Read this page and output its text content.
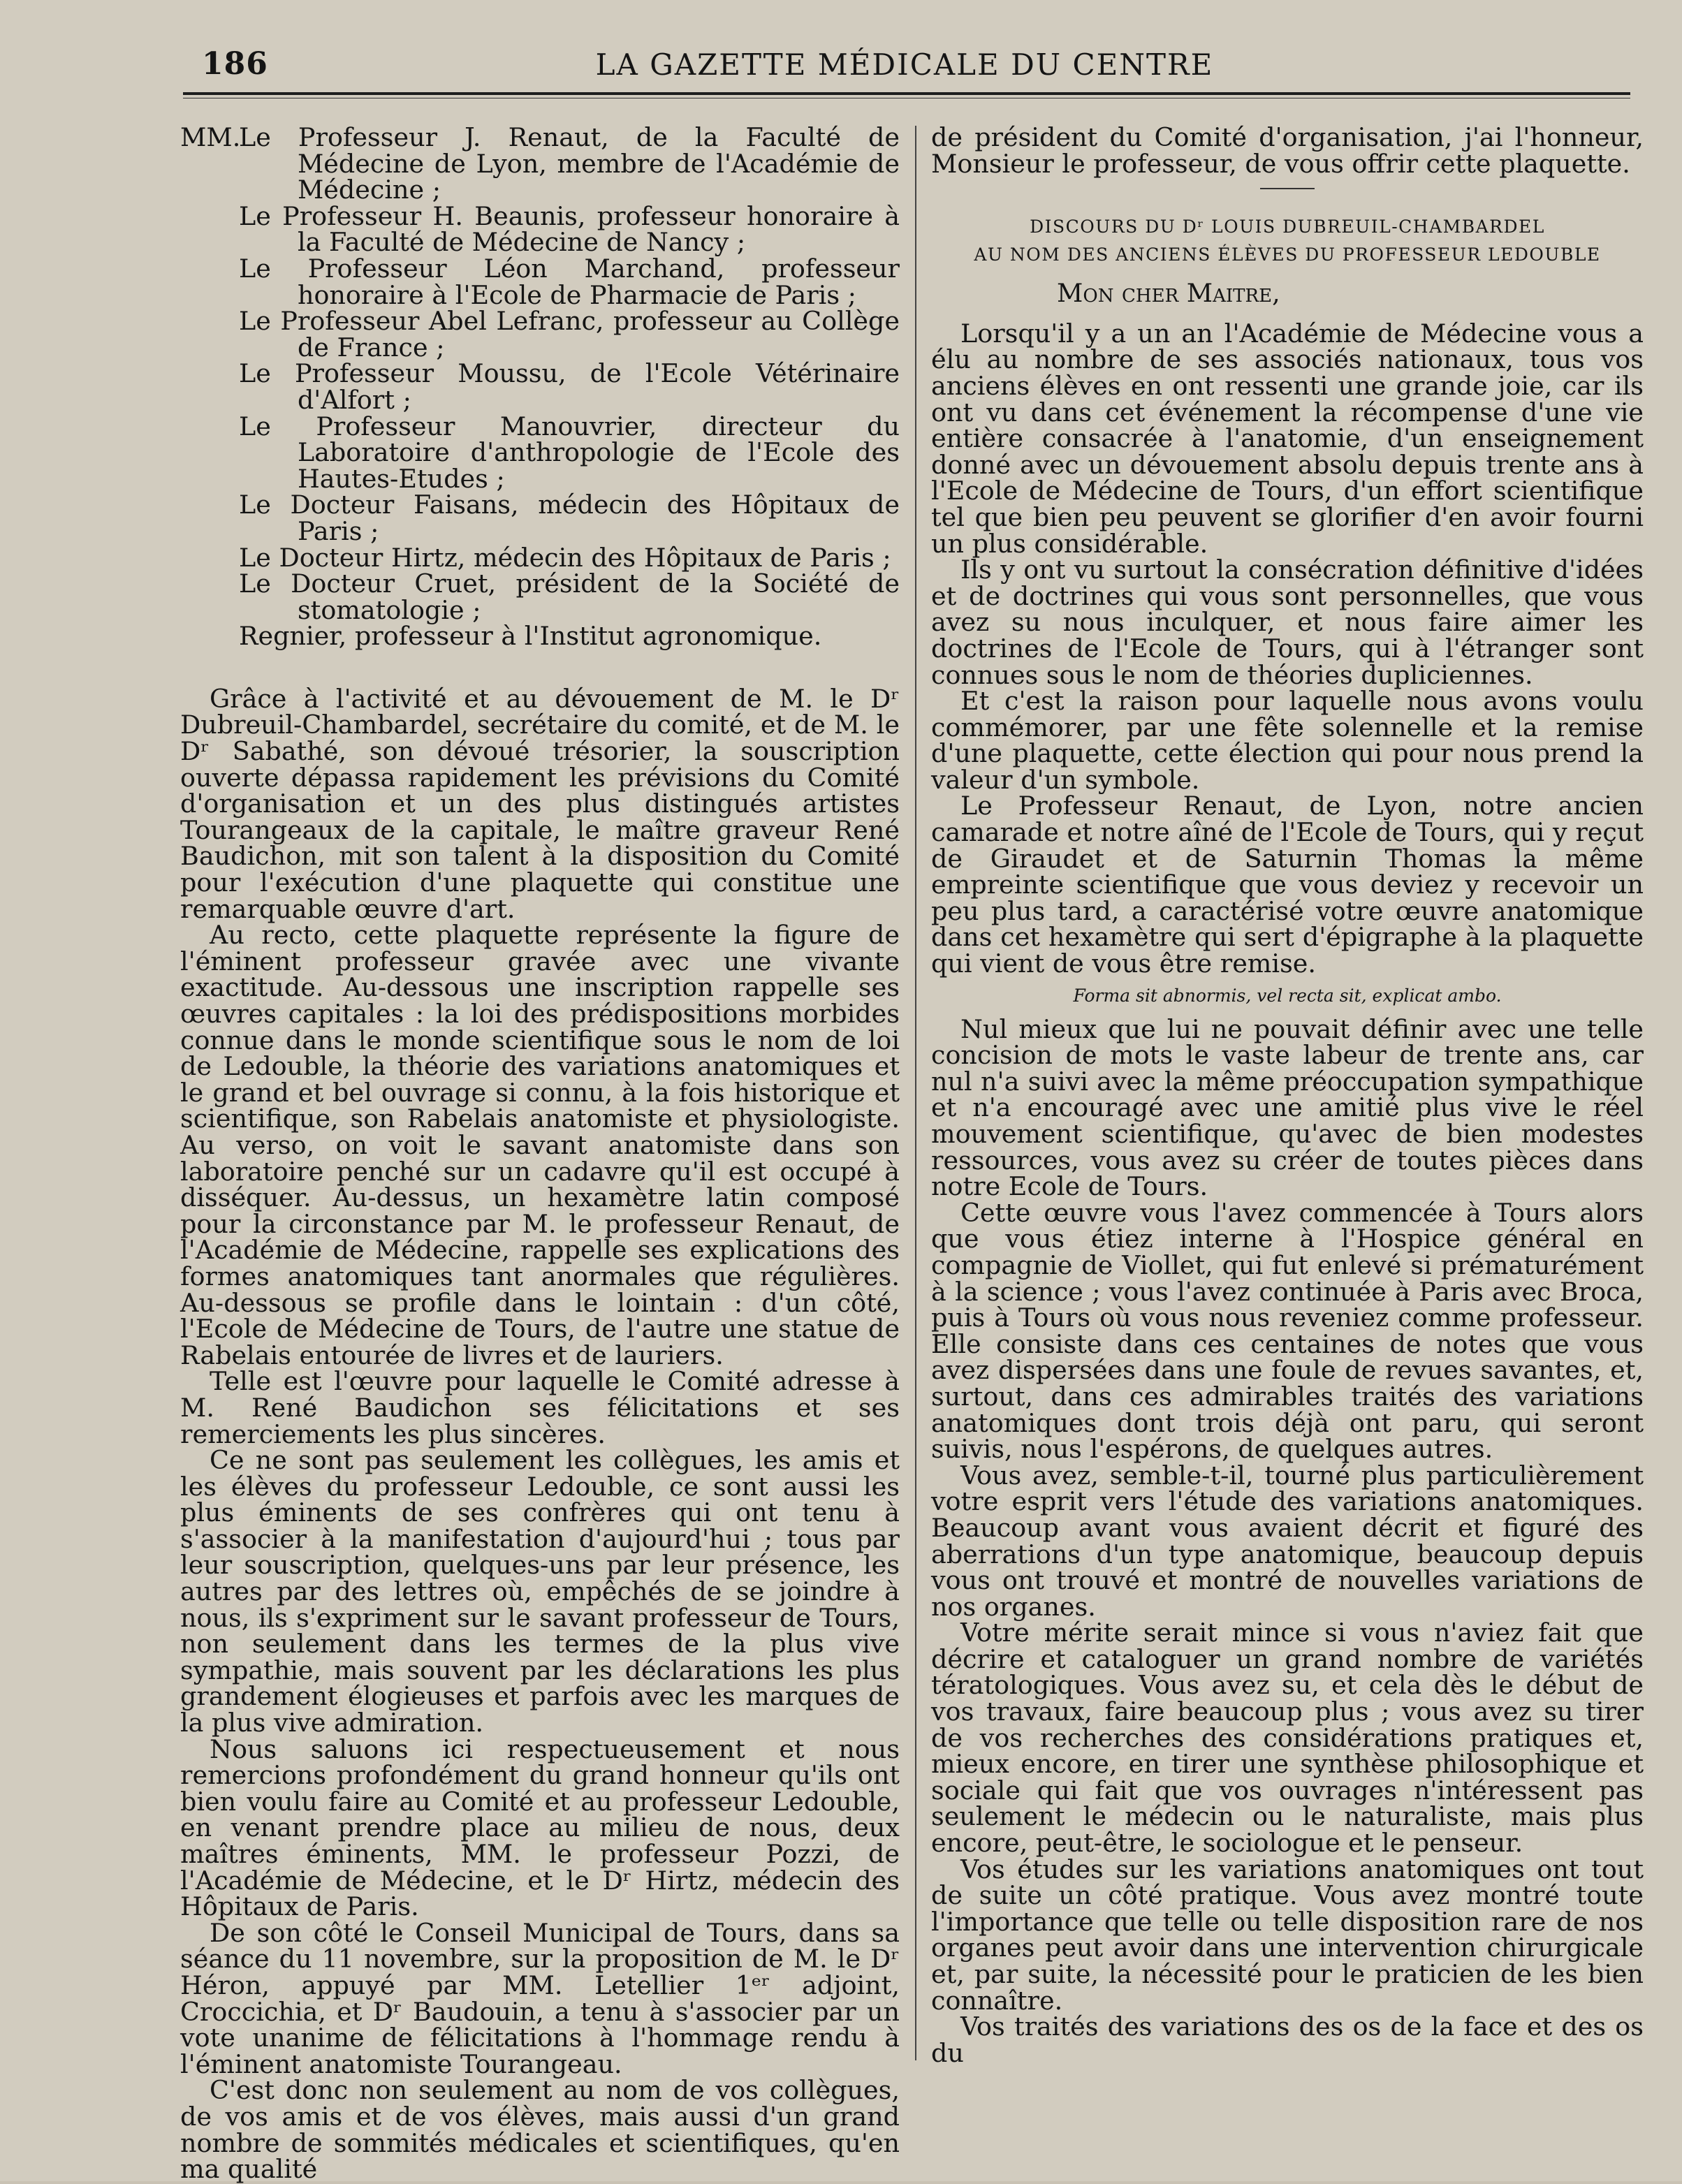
186	LA GAZETTE MÉDICALE DU CENTRE
MM.
Le Professeur J. Renaut, de la Faculté de Médecine de Lyon, membre de l'Académie de Médecine ;
Le Professeur H. Beaunis, professeur honoraire à la Faculté de Médecine de Nancy ;
Le Professeur Léon Marchand, professeur honoraire à l'Ecole de Pharmacie de Paris ;
Le Professeur Abel Lefranc, professeur au Collège de France ;
Le Professeur Moussu, de l'Ecole Vétérinaire d'Alfort ;
Le Professeur Manouvrier, directeur du Laboratoire d'anthropologie de l'Ecole des Hautes-Etudes ;
Le Docteur Faisans, médecin des Hôpitaux de Paris ;
Le Docteur Hirtz, médecin des Hôpitaux de Paris ;
Le Docteur Cruet, président de la Société de stomatologie ;
Regnier, professeur à l'Institut agronomique.

Grâce à l'activité et au dévouement de M. le Dʳ Dubreuil-Chambardel, secrétaire du comité, et de M. le Dʳ Sabathé, son dévoué trésorier, la souscription ouverte dépassa rapidement les prévisions du Comité d'organisation et un des plus distingués artistes Tourangeaux de la capitale, le maître graveur René Baudichon, mit son talent à la disposition du Comité pour l'exécution d'une plaquette qui constitue une remarquable œuvre d'art.

Au recto, cette plaquette représente la figure de l'éminent professeur gravée avec une vivante exactitude. Au-dessous une inscription rappelle ses œuvres capitales : la loi des prédispositions morbides connue dans le monde scientifique sous le nom de loi de Ledouble, la théorie des variations anatomiques et le grand et bel ouvrage si connu, à la fois historique et scientifique, son Rabelais anatomiste et physiologiste. Au verso, on voit le savant anatomiste dans son laboratoire penché sur un cadavre qu'il est occupé à disséquer. Au-dessus, un hexamètre latin composé pour la circonstance par M. le professeur Renaut, de l'Académie de Médecine, rappelle ses explications des formes anatomiques tant anormales que régulières. Au-dessous se profile dans le lointain : d'un côté, l'Ecole de Médecine de Tours, de l'autre une statue de Rabelais entourée de livres et de lauriers.

Telle est l'œuvre pour laquelle le Comité adresse à M. René Baudichon ses félicitations et ses remerciements les plus sincères.

Ce ne sont pas seulement les collègues, les amis et les élèves du professeur Ledouble, ce sont aussi les plus éminents de ses confrères qui ont tenu à s'associer à la manifestation d'aujourd'hui ; tous par leur souscription, quelques-uns par leur présence, les autres par des lettres où, empêchés de se joindre à nous, ils s'expriment sur le savant professeur de Tours, non seulement dans les termes de la plus vive sympathie, mais souvent par les déclarations les plus grandement élogieuses et parfois avec les marques de la plus vive admiration.

Nous saluons ici respectueusement et nous remercions profondément du grand honneur qu'ils ont bien voulu faire au Comité et au professeur Ledouble, en venant prendre place au milieu de nous, deux maîtres éminents, MM. le professeur Pozzi, de l'Académie de Médecine, et le Dʳ Hirtz, médecin des Hôpitaux de Paris.

De son côté le Conseil Municipal de Tours, dans sa séance du 11 novembre, sur la proposition de M. le Dʳ Héron, appuyé par MM. Letellier 1ᵉʳ adjoint, Croccichia, et Dʳ Baudouin, a tenu à s'associer par un vote unanime de félicitations à l'hommage rendu à l'éminent anatomiste Tourangeau.

C'est donc non seulement au nom de vos collègues, de vos amis et de vos élèves, mais aussi d'un grand nombre de sommités médicales et scientifiques, qu'en ma qualité

de président du Comité d'organisation, j'ai l'honneur, Monsieur le professeur, de vous offrir cette plaquette.

DISCOURS DU Dʳ LOUIS DUBREUIL-CHAMBARDEL
AU NOM DES ANCIENS ÉLÈVES DU PROFESSEUR LEDOUBLE
Mon cher Maitre,

Lorsqu'il y a un an l'Académie de Médecine vous a élu au nombre de ses associés nationaux, tous vos anciens élèves en ont ressenti une grande joie, car ils ont vu dans cet événement la récompense d'une vie entière consacrée à l'anatomie, d'un enseignement donné avec un dévouement absolu depuis trente ans à l'Ecole de Médecine de Tours, d'un effort scientifique tel que bien peu peuvent se glorifier d'en avoir fourni un plus considérable.

Ils y ont vu surtout la consécration définitive d'idées et de doctrines qui vous sont personnelles, que vous avez su nous inculquer, et nous faire aimer les doctrines de l'Ecole de Tours, qui à l'étranger sont connues sous le nom de théories dupliciennes.

Et c'est la raison pour laquelle nous avons voulu commémorer, par une fête solennelle et la remise d'une plaquette, cette élection qui pour nous prend la valeur d'un symbole.

Le Professeur Renaut, de Lyon, notre ancien camarade et notre aîné de l'Ecole de Tours, qui y reçut de Giraudet et de Saturnin Thomas la même empreinte scientifique que vous deviez y recevoir un peu plus tard, a caractérisé votre œuvre anatomique dans cet hexamètre qui sert d'épigraphe à la plaquette qui vient de vous être remise.

Forma sit abnormis, vel recta sit, explicat ambo.

Nul mieux que lui ne pouvait définir avec une telle concision de mots le vaste labeur de trente ans, car nul n'a suivi avec la même préoccupation sympathique et n'a encouragé avec une amitié plus vive le réel mouvement scientifique, qu'avec de bien modestes ressources, vous avez su créer de toutes pièces dans notre Ecole de Tours.

Cette œuvre vous l'avez commencée à Tours alors que vous étiez interne à l'Hospice général en compagnie de Viollet, qui fut enlevé si prématurément à la science ; vous l'avez continuée à Paris avec Broca, puis à Tours où vous nous reveniez comme professeur. Elle consiste dans ces centaines de notes que vous avez dispersées dans une foule de revues savantes, et, surtout, dans ces admirables traités des variations anatomiques dont trois déjà ont paru, qui seront suivis, nous l'espérons, de quelques autres.

Vous avez, semble-t-il, tourné plus particulièrement votre esprit vers l'étude des variations anatomiques. Beaucoup avant vous avaient décrit et figuré des aberrations d'un type anatomique, beaucoup depuis vous ont trouvé et montré de nouvelles variations de nos organes.

Votre mérite serait mince si vous n'aviez fait que décrire et cataloguer un grand nombre de variétés tératologiques. Vous avez su, et cela dès le début de vos travaux, faire beaucoup plus ; vous avez su tirer de vos recherches des considérations pratiques et, mieux encore, en tirer une synthèse philosophique et sociale qui fait que vos ouvrages n'intéressent pas seulement le médecin ou le naturaliste, mais plus encore, peut-être, le sociologue et le penseur.

Vos études sur les variations anatomiques ont tout de suite un côté pratique. Vous avez montré toute l'importance que telle ou telle disposition rare de nos organes peut avoir dans une intervention chirurgicale et, par suite, la nécessité pour le praticien de les bien connaître.

Vos traités des variations des os de la face et des os du
